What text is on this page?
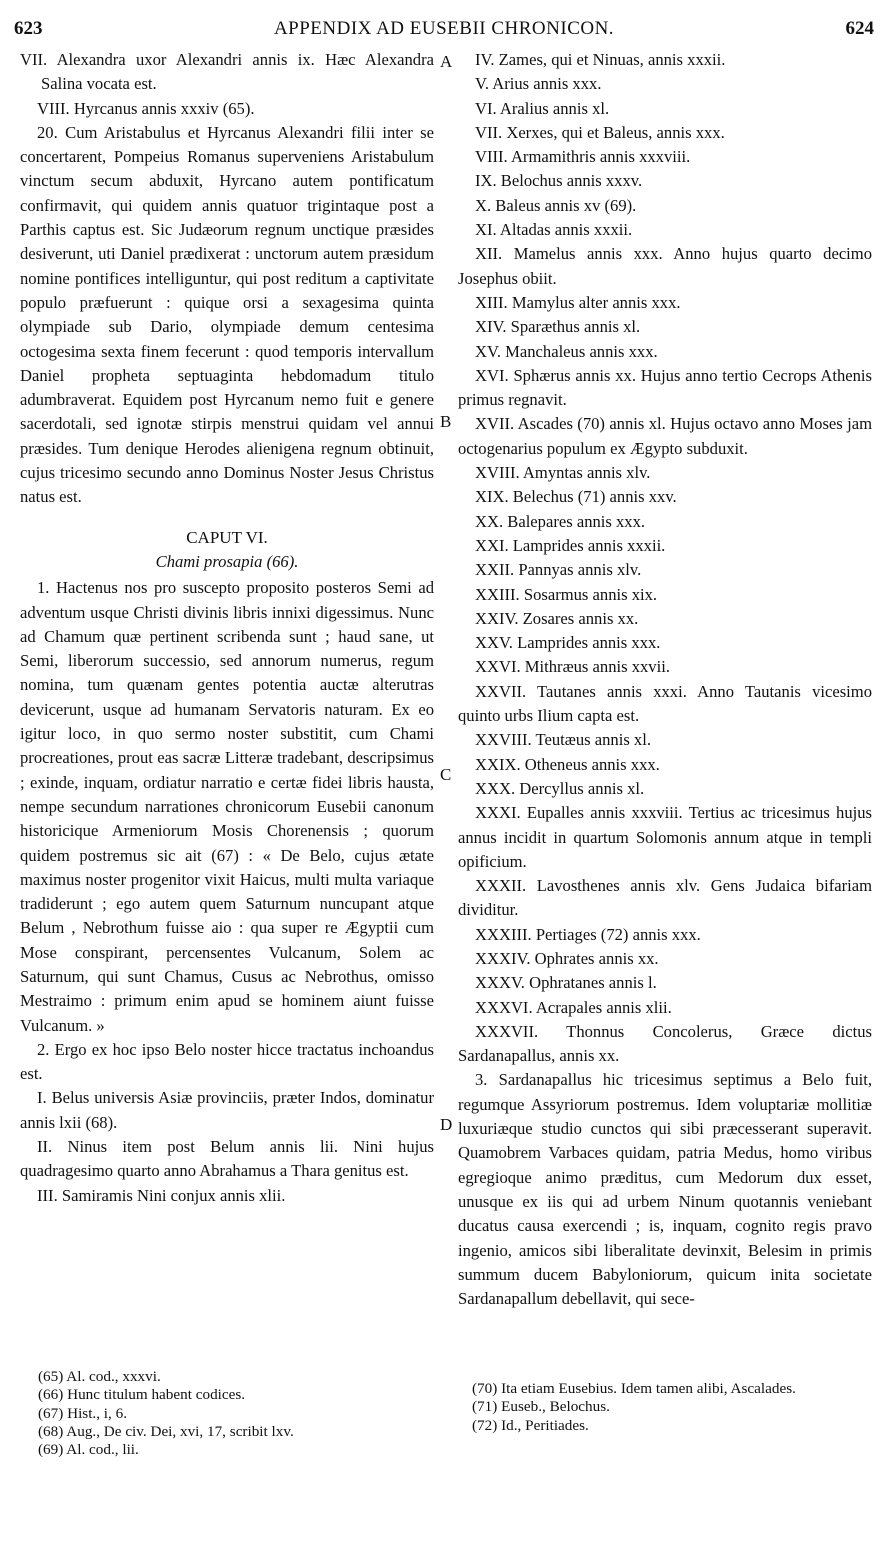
623	APPENDIX AD EUSEBII CHRONICON.	624
A
B
C
D

VII. Alexandra uxor Alexandri annis ix. Hæc Alexandra Salina vocata est.

VIII. Hyrcanus annis xxxiv (65).

20. Cum Aristabulus et Hyrcanus Alexandri filii inter se concertarent, Pompeius Romanus superveniens Aristabulum vinctum secum abduxit, Hyrcano autem pontificatum confirmavit, qui quidem annis quatuor trigintaque post a Parthis captus est. Sic Judæorum regnum unctique præsides desiverunt, uti Daniel prædixerat : unctorum autem præsidum nomine pontifices intelliguntur, qui post reditum a captivitate populo præfuerunt : quique orsi a sexagesima quinta olympiade sub Dario, olympiade demum centesima octogesima sexta finem fecerunt : quod temporis intervallum Daniel propheta septuaginta hebdomadum titulo adumbraverat. Equidem post Hyrcanum nemo fuit e genere sacerdotali, sed ignotæ stirpis menstrui quidam vel annui præsides. Tum denique Herodes alienigena regnum obtinuit, cujus tricesimo secundo anno Dominus Noster Jesus Christus natus est.

CAPUT VI.

Chami prosapia (66).

1. Hactenus nos pro suscepto proposito posteros Semi ad adventum usque Christi divinis libris innixi digessimus. Nunc ad Chamum quæ pertinent scribenda sunt ; haud sane, ut Semi, liberorum successio, sed annorum numerus, regum nomina, tum quænam gentes potentia auctæ alterutras devicerunt, usque ad humanam Servatoris naturam. Ex eo igitur loco, in quo sermo noster substitit, cum Chami procreationes, prout eas sacræ Litteræ tradebant, descripsimus ; exinde, inquam, ordiatur narratio e certæ fidei libris hausta, nempe secundum narrationes chronicorum Eusebii canonum historicique Armeniorum Mosis Chorenensis ; quorum quidem postremus sic ait (67) : « De Belo, cujus ætate maximus noster progenitor vixit Haicus, multi multa variaque tradiderunt ; ego autem quem Saturnum nuncupant atque Belum , Nebrothum fuisse aio : qua super re Ægyptii cum Mose conspirant, percensentes Vulcanum, Solem ac Saturnum, qui sunt Chamus, Cusus ac Nebrothus, omisso Mestraimo : primum enim apud se hominem aiunt fuisse Vulcanum. »

2. Ergo ex hoc ipso Belo noster hicce tractatus inchoandus est.

I. Belus universis Asiæ provinciis, præter Indos, dominatur annis lxii (68).

II. Ninus item post Belum annis lii. Nini hujus quadragesimo quarto anno Abrahamus a Thara genitus est.

III. Samiramis Nini conjux annis xlii.

IV. Zames, qui et Ninuas, annis xxxii.

V. Arius annis xxx.

VI. Aralius annis xl.

VII. Xerxes, qui et Baleus, annis xxx.

VIII. Armamithris annis xxxviii.

IX. Belochus annis xxxv.

X. Baleus annis xv (69).

XI. Altadas annis xxxii.

XII. Mamelus annis xxx. Anno hujus quarto decimo Josephus obiit.

XIII. Mamylus alter annis xxx.

XIV. Sparæthus annis xl.

XV. Manchaleus annis xxx.

XVI. Sphærus annis xx. Hujus anno tertio Cecrops Athenis primus regnavit.

XVII. Ascades (70) annis xl. Hujus octavo anno Moses jam octogenarius populum ex Ægypto subduxit.

XVIII. Amyntas annis xlv.

XIX. Belechus (71) annis xxv.

XX. Balepares annis xxx.

XXI. Lamprides annis xxxii.

XXII. Pannyas annis xlv.

XXIII. Sosarmus annis xix.

XXIV. Zosares annis xx.

XXV. Lamprides annis xxx.

XXVI. Mithræus annis xxvii.

XXVII. Tautanes annis xxxi. Anno Tautanis vicesimo quinto urbs Ilium capta est.

XXVIII. Teutæus annis xl.

XXIX. Otheneus annis xxx.

XXX. Dercyllus annis xl.

XXXI. Eupalles annis xxxviii. Tertius ac tricesimus hujus annus incidit in quartum Solomonis annum atque in templi opificium.

XXXII. Lavosthenes annis xlv. Gens Judaica bifariam dividitur.

XXXIII. Pertiages (72) annis xxx.

XXXIV. Ophrates annis xx.

XXXV. Ophratanes annis l.

XXXVI. Acrapales annis xlii.

XXXVII. Thonnus Concolerus, Græce dictus Sardanapallus, annis xx.

3. Sardanapallus hic tricesimus septimus a Belo fuit, regumque Assyriorum postremus. Idem voluptariæ mollitiæ luxuriæque studio cunctos qui sibi præcesserant superavit. Quamobrem Varbaces quidam, patria Medus, homo viribus egregioque animo præditus, cum Medorum dux esset, unusque ex iis qui ad urbem Ninum quotannis veniebant ducatus causa exercendi ; is, inquam, cognito regis pravo ingenio, amicos sibi liberalitate devinxit, Belesim in primis summum ducem Babyloniorum, quicum inita societate Sardanapallum debellavit, qui sece-

(65) Al. cod., xxxvi.

(66) Hunc titulum habent codices.

(67) Hist., i, 6.

(68) Aug., De civ. Dei, xvi, 17, scribit lxv.

(69) Al. cod., lii.

(70) Ita etiam Eusebius. Idem tamen alibi, Ascalades.

(71) Euseb., Belochus.

(72) Id., Peritiades.
